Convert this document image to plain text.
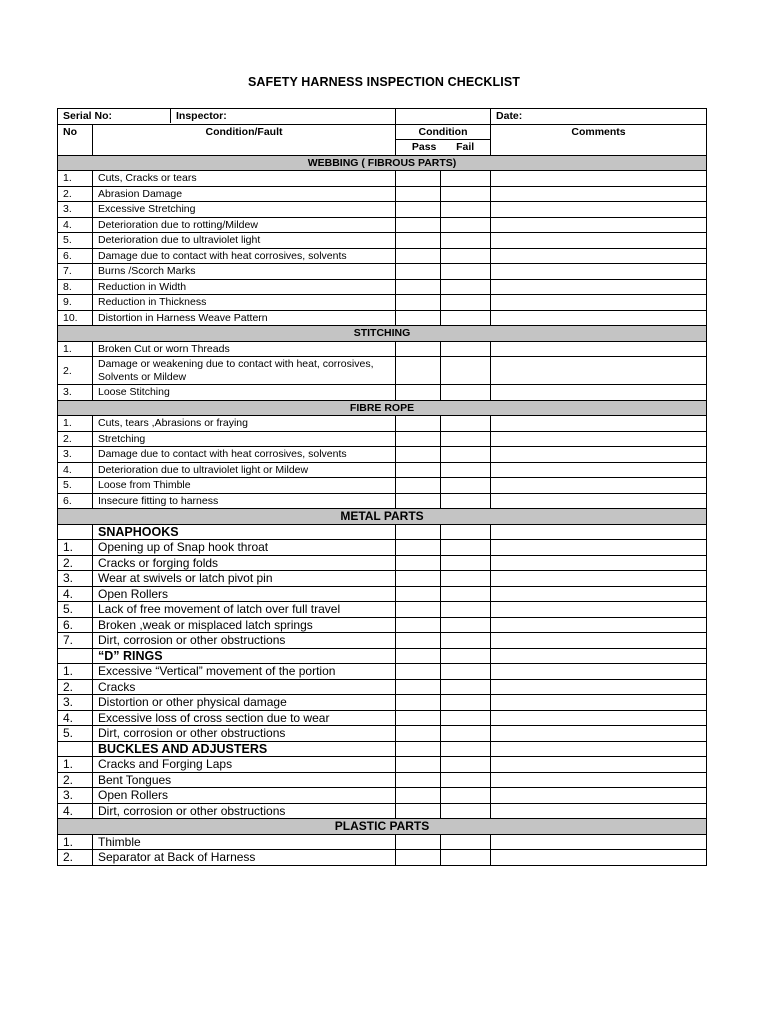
SAFETY HARNESS INSPECTION CHECKLIST
Serial No: Inspector:				Date:
No	Condition/Fault	Condition		Comments

		Pass Fail		

WEBBING ( FIBROUS PARTS)				
1.	Cuts, Cracks or tears			
2.	Abrasion Damage			
3.	Excessive Stretching			
4.	Deterioration due to rotting/Mildew			
5.	Deterioration due to ultraviolet light			
6.	Damage due to contact with heat corrosives, solvents			
7.	Burns /Scorch Marks			
8.	Reduction in Width			
9.	Reduction in Thickness			
10.	Distortion in Harness Weave Pattern			
STITCHING				
1.	Broken Cut or worn Threads			
2.	Damage or weakening due to contact with heat, corrosives, Solvents or Mildew			
3.	Loose Stitching			
FIBRE ROPE				
1.	Cuts, tears ,Abrasions or fraying			
2.	Stretching			
3.	Damage due to contact with heat corrosives, solvents			
4.	Deterioration due to ultraviolet light or Mildew			
5.	Loose from Thimble			
6.	Insecure fitting to harness			
METAL PARTS				
	SNAPHOOKS			
1.	Opening up of Snap hook throat			
2.	Cracks or forging folds			
3.	Wear at swivels or latch pivot pin			
4.	Open Rollers			
5.	Lack of free movement of latch over full travel			
6.	Broken ,weak or misplaced latch springs			
7.	Dirt, corrosion or other obstructions			
	“D” RINGS			
1.	Excessive “Vertical” movement of the portion			
2.	Cracks			
3.	Distortion or other physical damage			
4.	Excessive loss of cross section due to wear			
5.	Dirt, corrosion or other obstructions			
	BUCKLES AND ADJUSTERS			
1.	Cracks and Forging Laps			
2.	Bent Tongues			
3.	Open Rollers			
4.	Dirt, corrosion or other obstructions			
PLASTIC PARTS				
1.	Thimble			
2.	Separator at Back of Harness			
